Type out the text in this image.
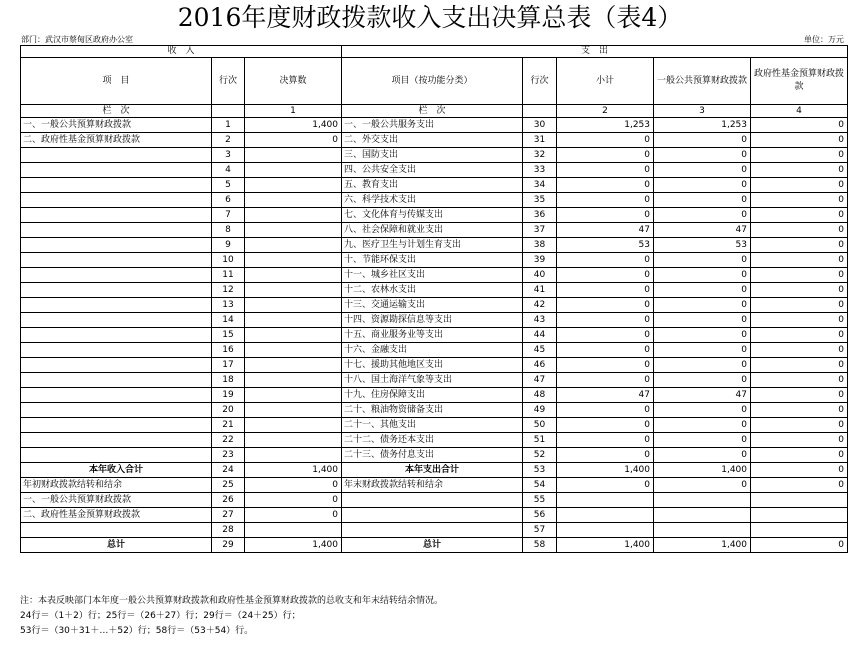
2016年度财政拨款收入支出决算总表（表4）
部门：武汉市蔡甸区政府办公室	单位：万元
收　入			支　出				
项　目	行次	决算数	项目（按功能分类）	行次	小计	一般公共预算财政拨款	政府性基金预算财政拨款
栏　次		1	栏　次		2	3	4
一、一般公共预算财政拨款	1	1,400	一、一般公共服务支出	30	1,253	1,253	0
二、政府性基金预算财政拨款	2	0	二、外交支出	31	0	0	0
	3		三、国防支出	32	0	0	0
	4		四、公共安全支出	33	0	0	0
	5		五、教育支出	34	0	0	0
	6		六、科学技术支出	35	0	0	0
	7		七、文化体育与传媒支出	36	0	0	0
	8		八、社会保障和就业支出	37	47	47	0
	9		九、医疗卫生与计划生育支出	38	53	53	0
	10		十、节能环保支出	39	0	0	0
	11		十一、城乡社区支出	40	0	0	0
	12		十二、农林水支出	41	0	0	0
	13		十三、交通运输支出	42	0	0	0
	14		十四、资源勘探信息等支出	43	0	0	0
	15		十五、商业服务业等支出	44	0	0	0
	16		十六、金融支出	45	0	0	0
	17		十七、援助其他地区支出	46	0	0	0
	18		十八、国土海洋气象等支出	47	0	0	0
	19		十九、住房保障支出	48	47	47	0
	20		二十、粮油物资储备支出	49	0	0	0
	21		二十一、其他支出	50	0	0	0
	22		二十二、债务还本支出	51	0	0	0
	23		二十三、债务付息支出	52	0	0	0
本年收入合计	24	1,400	本年支出合计	53	1,400	1,400	0
年初财政拨款结转和结余	25	0	年末财政拨款结转和结余	54	0	0	0
一、一般公共预算财政拨款	26	0		55			
二、政府性基金预算财政拨款	27	0		56			
	28			57			
总计	29	1,400	总计	58	1,400	1,400	0
注：本表反映部门本年度一般公共预算财政拨款和政府性基金预算财政拨款的总收支和年末结转结余情况。
24行＝（1＋2）行；25行＝（26＋27）行；29行＝（24＋25）行；
53行＝（30＋31＋…＋52）行；58行＝（53＋54）行。
